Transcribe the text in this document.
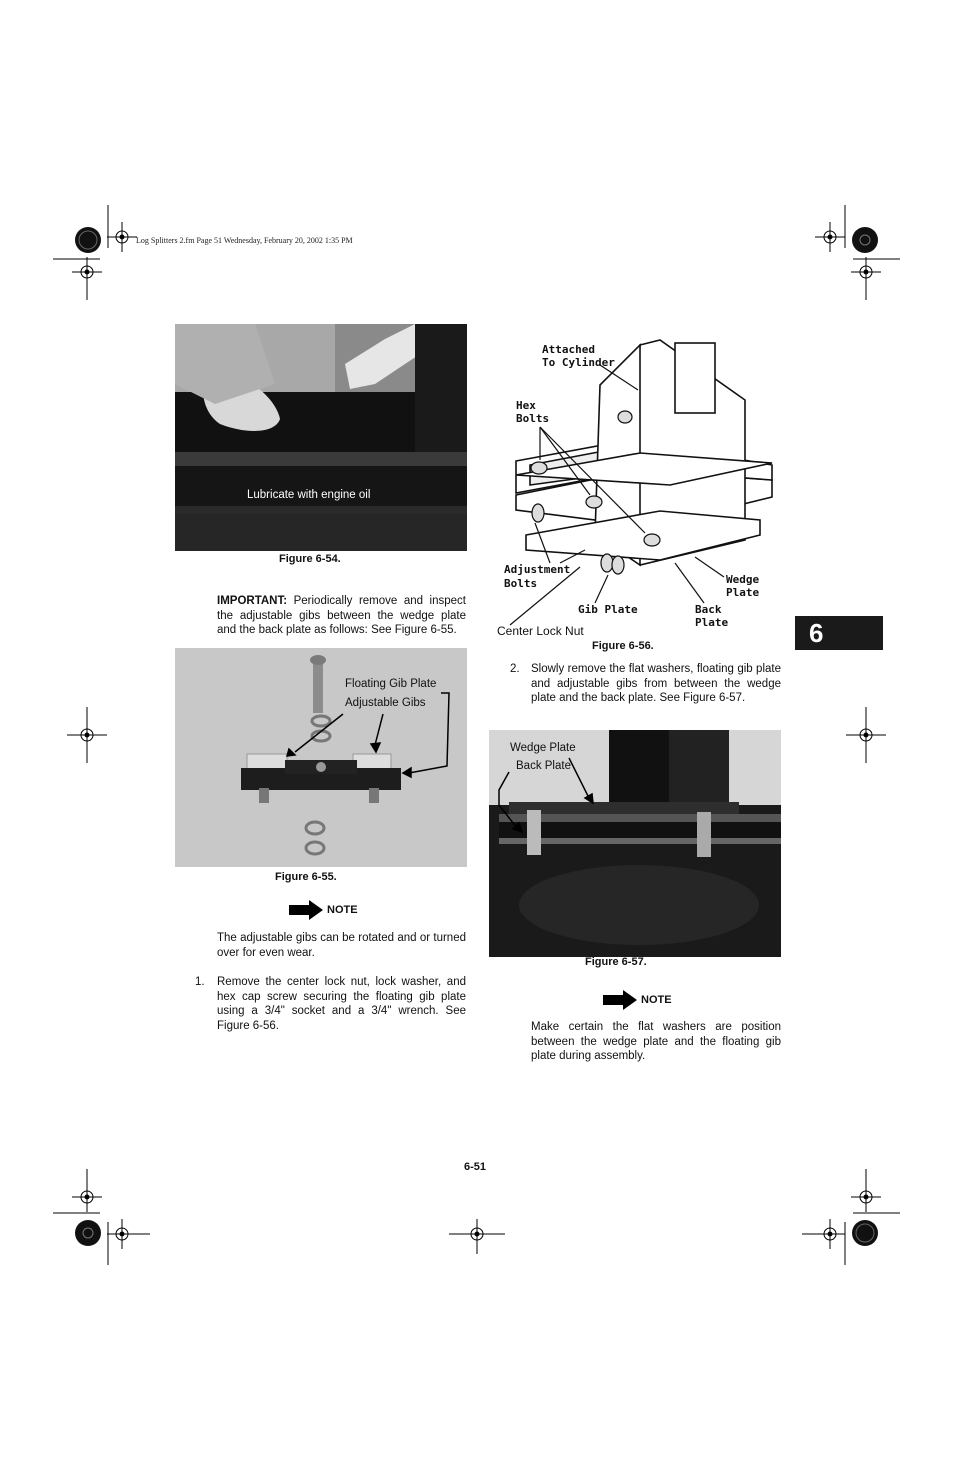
Log Splitters 2.fm Page 51 Wednesday, February 20, 2002 1:35 PM
Lubricate with engine oil
Figure 6-54.
IMPORTANT: Periodically remove and inspect the adjustable gibs between the wedge plate and the back plate as follows: See Figure 6-55.
Floating Gib Plate
Adjustable Gibs
Figure 6-55.
NOTE
The adjustable gibs can be rotated and or turned over for even wear.
1. Remove the center lock nut, lock washer, and hex cap screw securing the floating gib plate using a 3/4" socket and a 3/4" wrench. See Figure 6-56.
Attached
To Cylinder
Hex
Bolts
Adjustment
Bolts
Gib Plate
Wedge
Plate
Back
Plate
Center Lock Nut
Figure 6-56.	6
2. Slowly remove the flat washers, floating gib plate and adjustable gibs from between the wedge plate and the back plate. See Figure 6-57.
Wedge Plate
Back Plate
Figure 6-57.
NOTE
Make certain the flat washers are position between the wedge plate and the floating gib plate during assembly.
6-51
